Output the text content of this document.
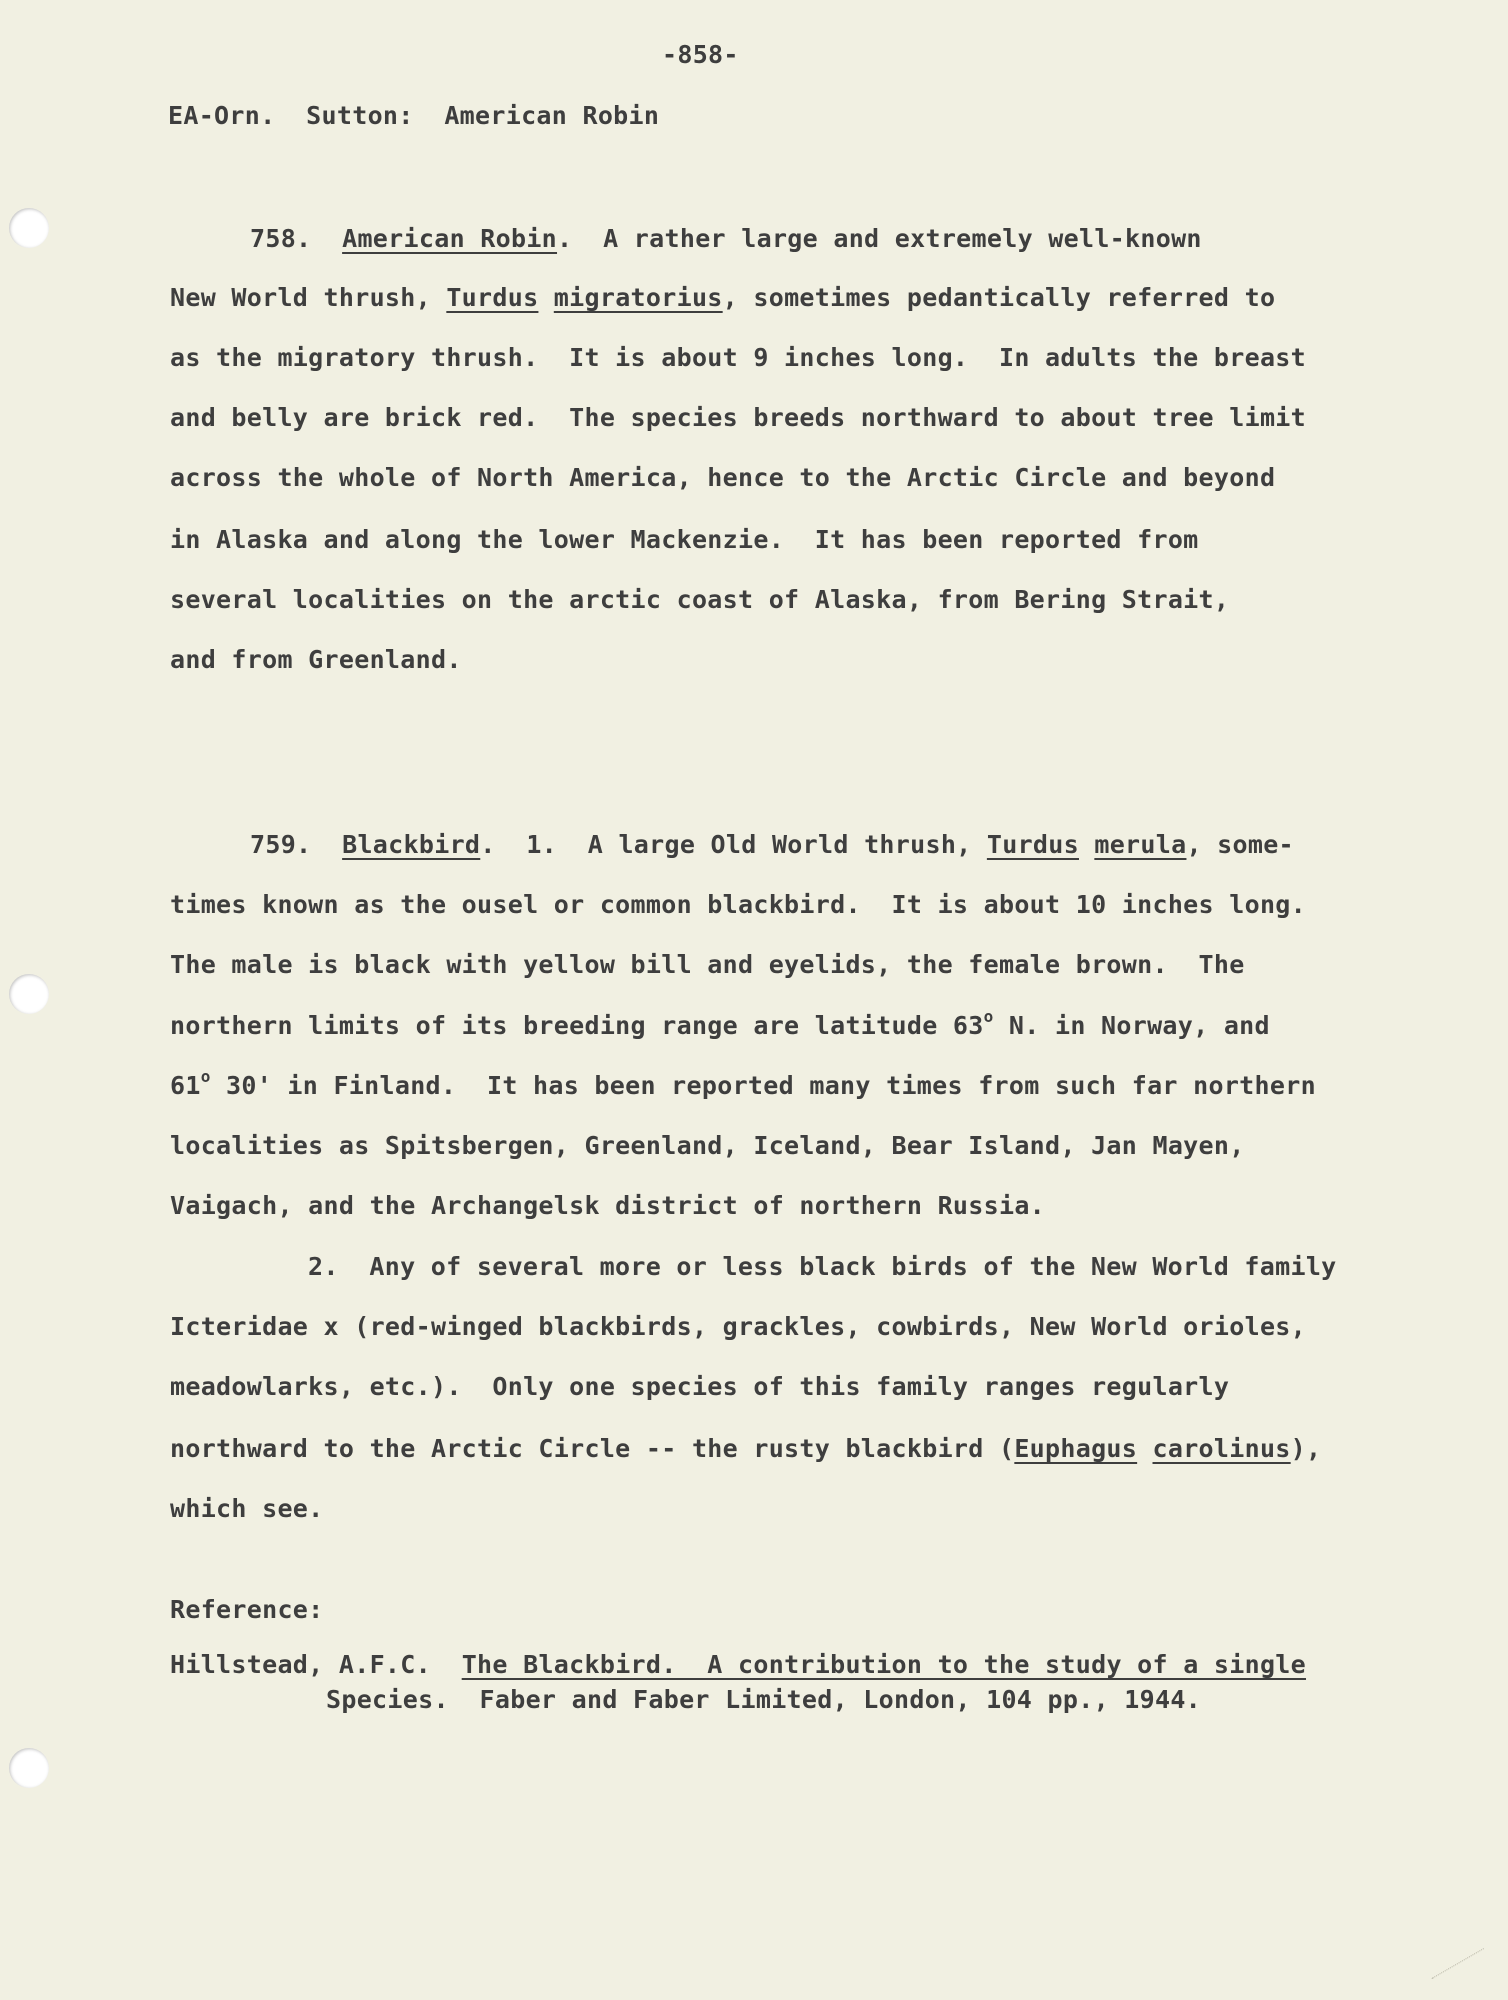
-858-
EA-Orn.  Sutton:  American Robin
758. American Robin.  A rather large and extremely well-known
New World thrush, Turdus migratorius, sometimes pedantically referred to
as the migratory thrush.  It is about 9 inches long.  In adults the breast
and belly are brick red.  The species breeds northward to about tree limit
across the whole of North America, hence to the Arctic Circle and beyond
in Alaska and along the lower Mackenzie.  It has been reported from
several localities on the arctic coast of Alaska, from Bering Strait,
and from Greenland.
759. Blackbird.  1.  A large Old World thrush, Turdus merula, some-
times known as the ousel or common blackbird.  It is about 10 inches long.
The male is black with yellow bill and eyelids, the female brown.  The
northern limits of its breeding range are latitude 63$^o$ N. in Norway, and
61$^o$ 30' in Finland.  It has been reported many times from such far northern
localities as Spitsbergen, Greenland, Iceland, Bear Island, Jan Mayen,
Vaigach, and the Archangelsk district of northern Russia.
2.  Any of several more or less black birds of the New World family
Icteridae x (red-winged blackbirds, grackles, cowbirds, New World orioles,
meadowlarks, etc.).  Only one species of this family ranges regularly
northward to the Arctic Circle -- the rusty blackbird (Euphagus carolinus),
which see.
Reference:
Hillstead, A.F.C. The Blackbird.  A contribution to the study of a single
Species.  Faber and Faber Limited, London, 104 pp., 1944.
